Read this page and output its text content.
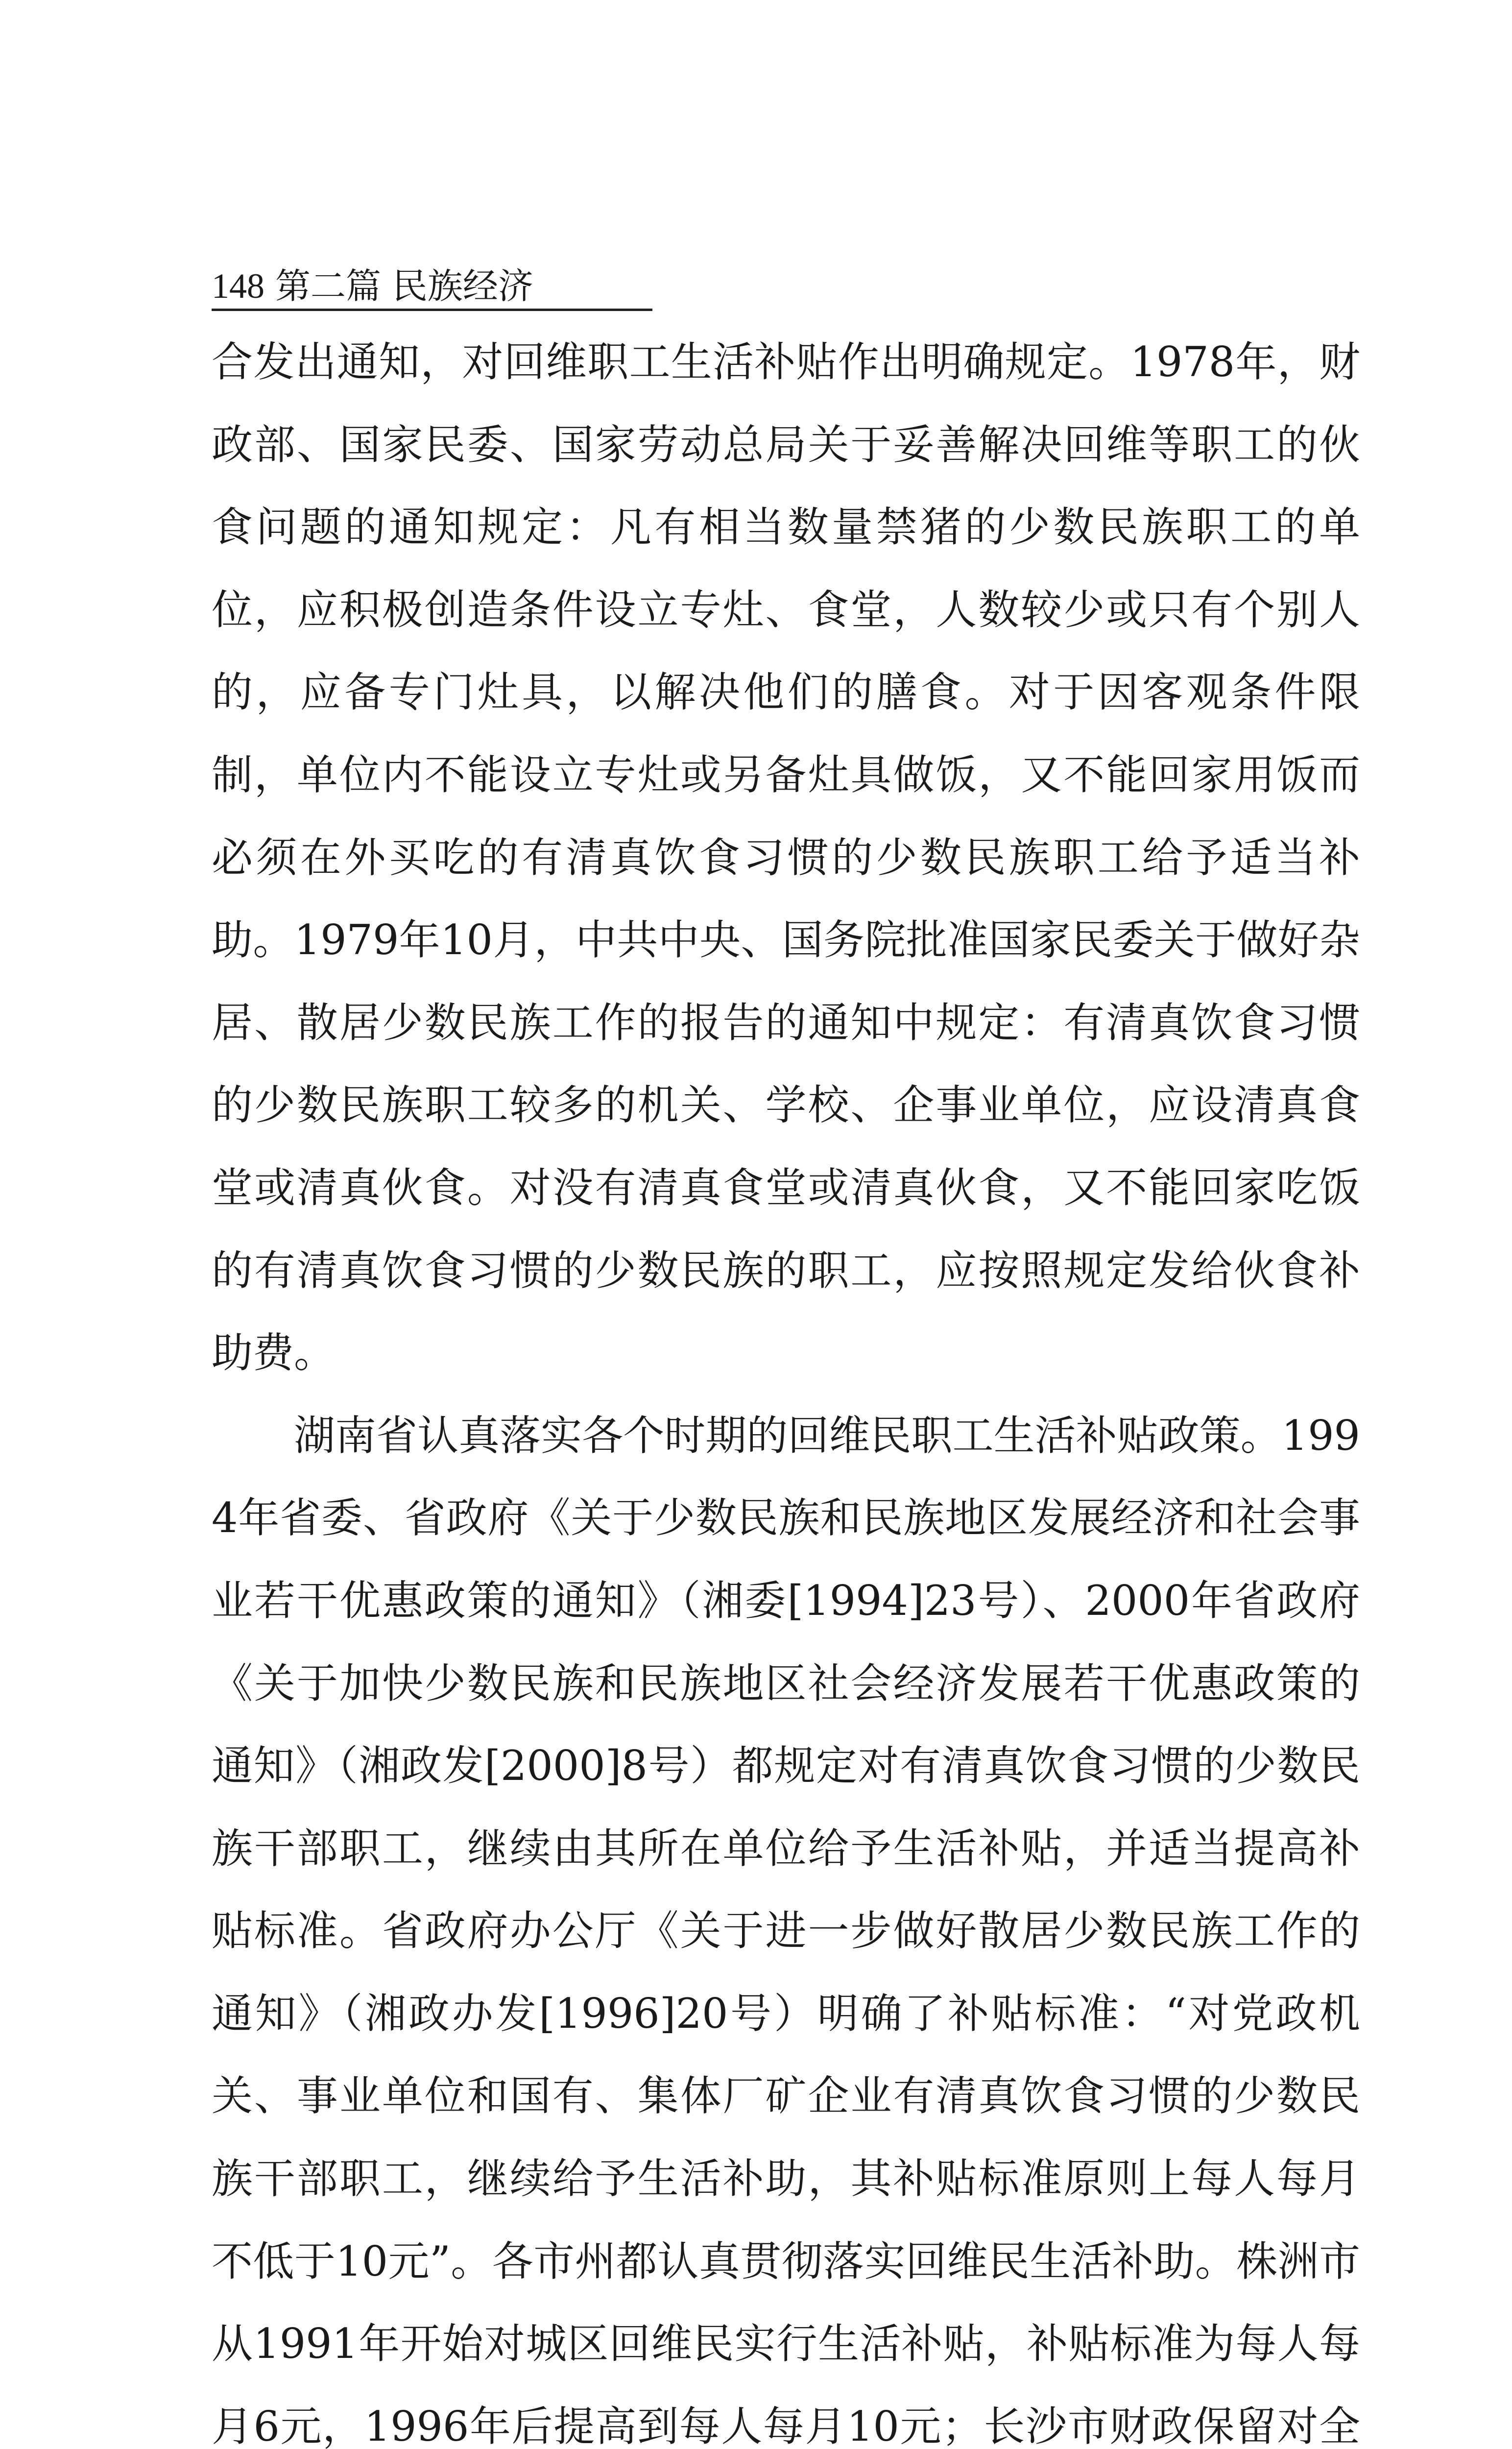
148 第二篇 民族经济

合发出通知，对回维职工生活补贴作出明确规定。1978年，财政部、国家民委、国家劳动总局关于妥善解决回维等职工的伙食问题的通知规定：凡有相当数量禁猪的少数民族职工的单位，应积极创造条件设立专灶、食堂，人数较少或只有个别人的，应备专门灶具，以解决他们的膳食。对于因客观条件限制，单位内不能设立专灶或另备灶具做饭，又不能回家用饭而必须在外买吃的有清真饮食习惯的少数民族职工给予适当补助。1979年10月，中共中央、国务院批准国家民委关于做好杂居、散居少数民族工作的报告的通知中规定：有清真饮食习惯的少数民族职工较多的机关、学校、企事业单位，应设清真食堂或清真伙食。对没有清真食堂或清真伙食，又不能回家吃饭的有清真饮食习惯的少数民族的职工，应按照规定发给伙食补助费。

湖南省认真落实各个时期的回维民职工生活补贴政策。1994年省委、省政府《关于少数民族和民族地区发展经济和社会事业若干优惠政策的通知》（湘委[1994]23号）、2000年省政府《关于加快少数民族和民族地区社会经济发展若干优惠政策的通知》（湘政发[2000]8号）都规定对有清真饮食习惯的少数民族干部职工，继续由其所在单位给予生活补贴，并适当提高补贴标准。省政府办公厅《关于进一步做好散居少数民族工作的通知》（湘政办发[1996]20号）明确了补贴标准：“对党政机关、事业单位和国有、集体厂矿企业有清真饮食习惯的少数民族干部职工，继续给予生活补助，其补贴标准原则上每人每月不低于10元”。各市州都认真贯彻落实回维民生活补助。株洲市从1991年开始对城区回维民实行生活补贴，补贴标准为每人每月6元，1996年后提高到每人每月10元；长沙市财政保留对全
